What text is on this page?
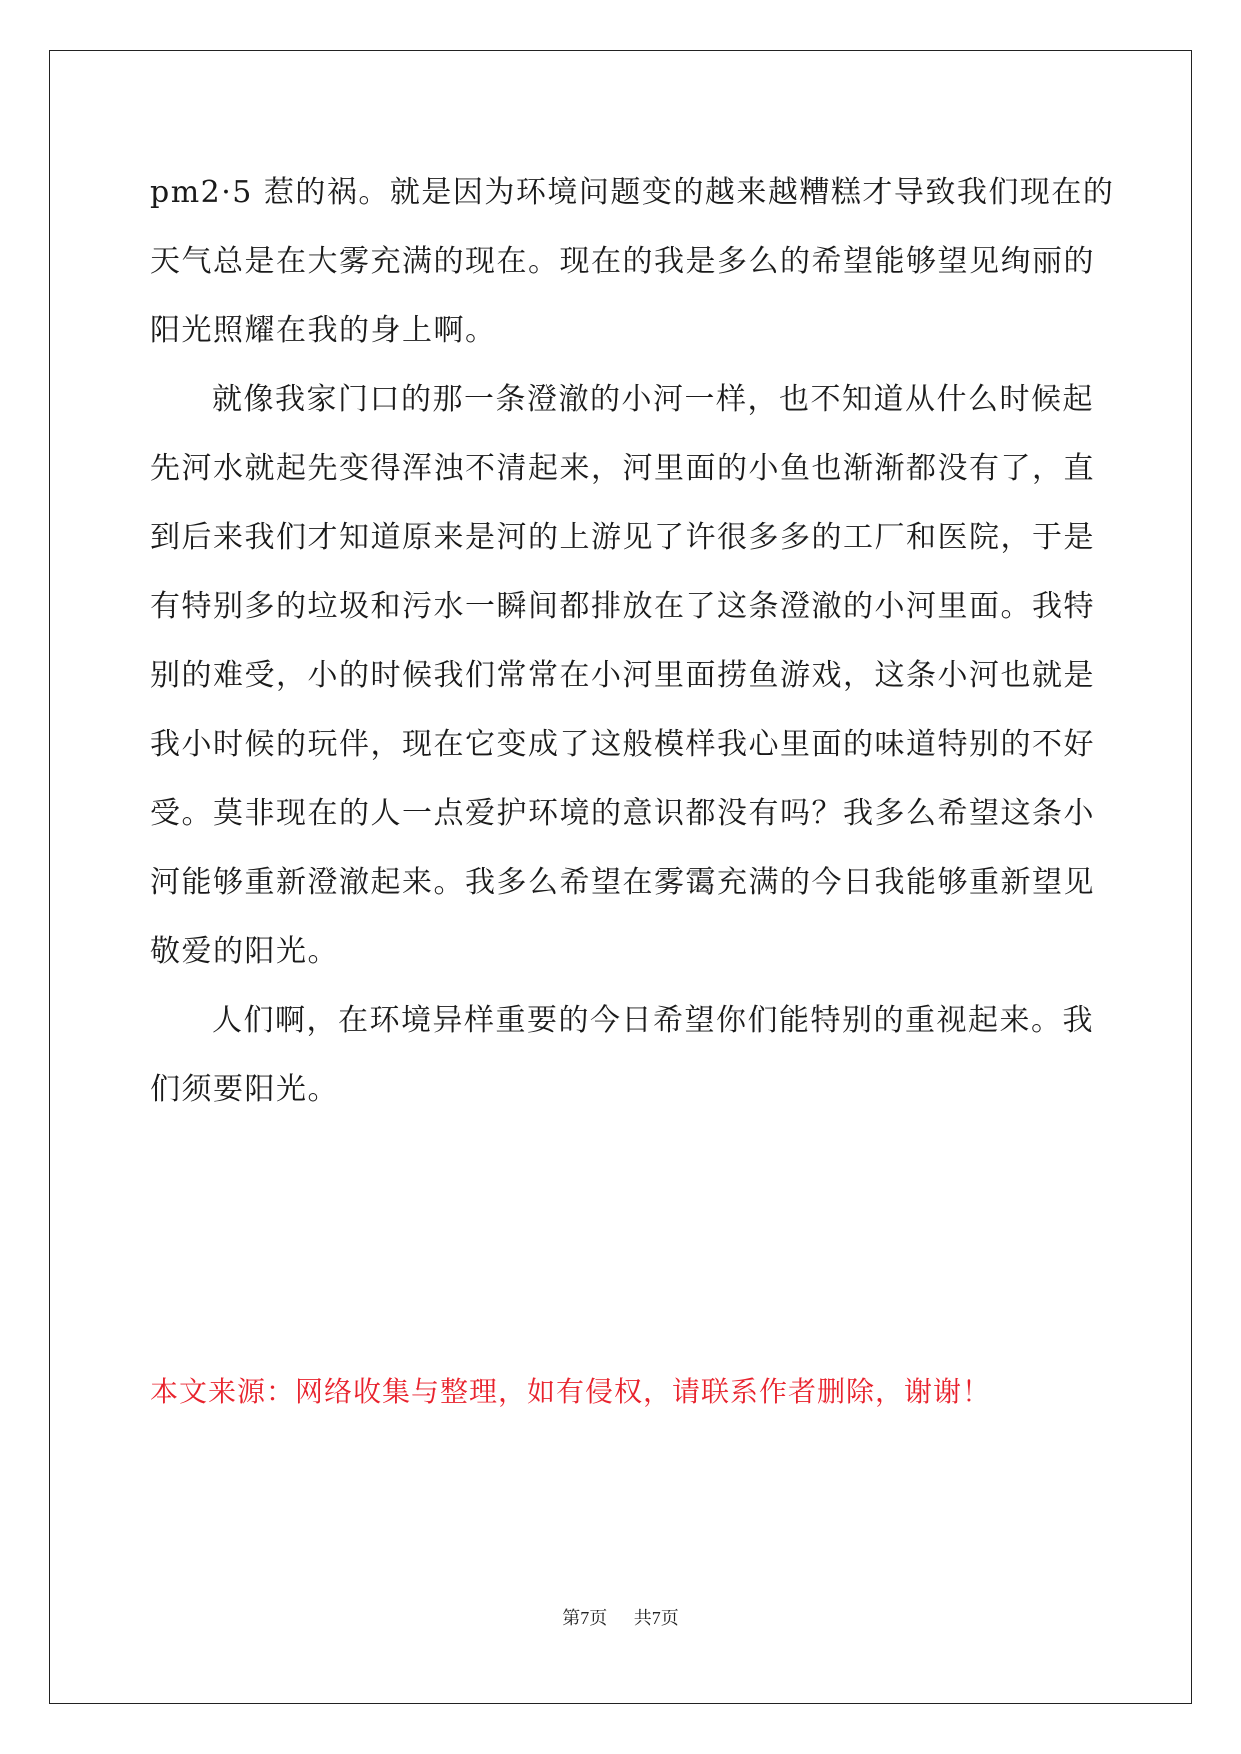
pm2·5 惹的祸。就是因为环境问题变的越来越糟糕才导致我们现在的
天气总是在大雾充满的现在。现在的我是多么的希望能够望见绚丽的
阳光照耀在我的身上啊。
就像我家门口的那一条澄澈的小河一样，也不知道从什么时候起
先河水就起先变得浑浊不清起来，河里面的小鱼也渐渐都没有了，直
到后来我们才知道原来是河的上游见了许很多多的工厂和医院，于是
有特别多的垃圾和污水一瞬间都排放在了这条澄澈的小河里面。我特
别的难受，小的时候我们常常在小河里面捞鱼游戏，这条小河也就是
我小时候的玩伴，现在它变成了这般模样我心里面的味道特别的不好
受。莫非现在的人一点爱护环境的意识都没有吗？我多么希望这条小
河能够重新澄澈起来。我多么希望在雾霭充满的今日我能够重新望见
敬爱的阳光。
人们啊，在环境异样重要的今日希望你们能特别的重视起来。我
们须要阳光。
本文来源：网络收集与整理，如有侵权，请联系作者删除，谢谢！
第7页 共7页
